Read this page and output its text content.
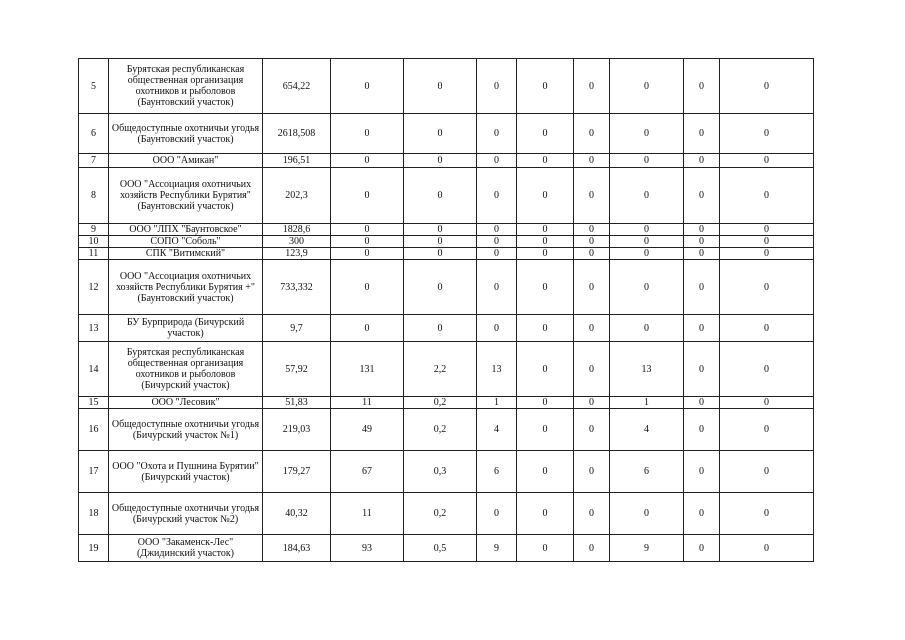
5	Бурятская республиканская общественная организация охотников и рыболовов (Баунтовский участок)	654,22	0	0	0	0	0	0	0	0
6	Общедоступные охотничьи угодья (Баунтовский участок)	2618,508	0	0	0	0	0	0	0	0
7	ООО "Амикан"	196,51	0	0	0	0	0	0	0	0
8	ООО "Ассоциация охотничьих хозяйств Республики Бурятия" (Баунтовский участок)	202,3	0	0	0	0	0	0	0	0
9	ООО "ЛПХ "Баунтовское"	1828,6	0	0	0	0	0	0	0	0
10	СОПО "Соболь"	300	0	0	0	0	0	0	0	0
11	СПК "Витимский"	123,9	0	0	0	0	0	0	0	0
12	ООО "Ассоциация охотничьих хозяйств Республики Бурятия +" (Баунтовский участок)	733,332	0	0	0	0	0	0	0	0
13	БУ Бурприрода (Бичурский участок)	9,7	0	0	0	0	0	0	0	0
14	Бурятская республиканская общественная организация охотников и рыболовов (Бичурский участок)	57,92	131	2,2	13	0	0	13	0	0
15	ООО "Лесовик"	51,83	11	0,2	1	0	0	1	0	0
16	Общедоступные охотничьи угодья (Бичурский участок №1)	219,03	49	0,2	4	0	0	4	0	0
17	ООО "Охота и Пушнина Бурятии"(Бичурский участок)	179,27	67	0,3	6	0	0	6	0	0
18	Общедоступные охотничьи угодья (Бичурский участок №2)	40,32	11	0,2	0	0	0	0	0	0
19	ООО "Закаменск-Лес" (Джидинский участок)	184,63	93	0,5	9	0	0	9	0	0
